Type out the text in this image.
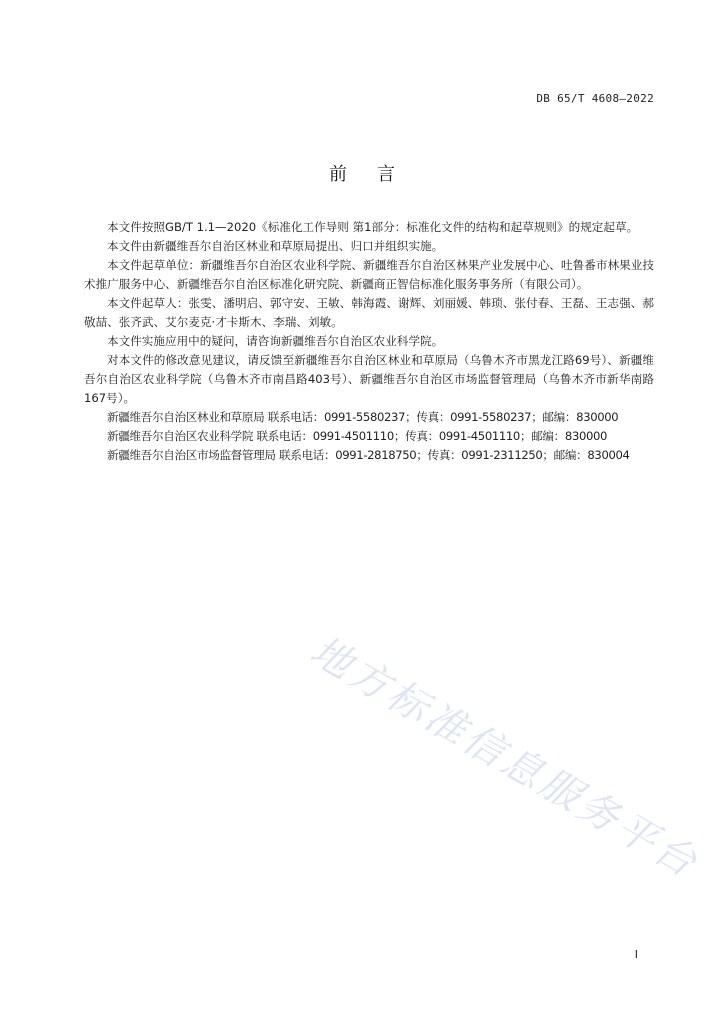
DB 65/T 4608—2022
前言

本文件按照GB/T 1.1—2020《标准化工作导则 第1部分：标准化文件的结构和起草规则》的规定起草。

本文件由新疆维吾尔自治区林业和草原局提出、归口并组织实施。

本文件起草单位：新疆维吾尔自治区农业科学院、新疆维吾尔自治区林果产业发展中心、吐鲁番市林果业技术推广服务中心、新疆维吾尔自治区标准化研究院、新疆商正智信标准化服务事务所（有限公司）。

本文件起草人：张雯、潘明启、郭守安、王敏、韩海霞、谢辉、刘丽媛、韩琐、张付春、王磊、王志强、郝敬喆、张齐武、艾尔麦克·才卡斯木、李瑞、刘敏。

本文件实施应用中的疑问，请咨询新疆维吾尔自治区农业科学院。

对本文件的修改意见建议，请反馈至新疆维吾尔自治区林业和草原局（乌鲁木齐市黑龙江路69号）、新疆维吾尔自治区农业科学院（乌鲁木齐市南昌路403号）、新疆维吾尔自治区市场监督管理局（乌鲁木齐市新华南路167号）。

新疆维吾尔自治区林业和草原局 联系电话：0991-5580237；传真：0991-5580237；邮编：830000

新疆维吾尔自治区农业科学院 联系电话：0991-4501110；传真：0991-4501110；邮编：830000

新疆维吾尔自治区市场监督管理局 联系电话：0991-2818750；传真：0991-2311250；邮编：830004

地方标准信息服务平台
I
